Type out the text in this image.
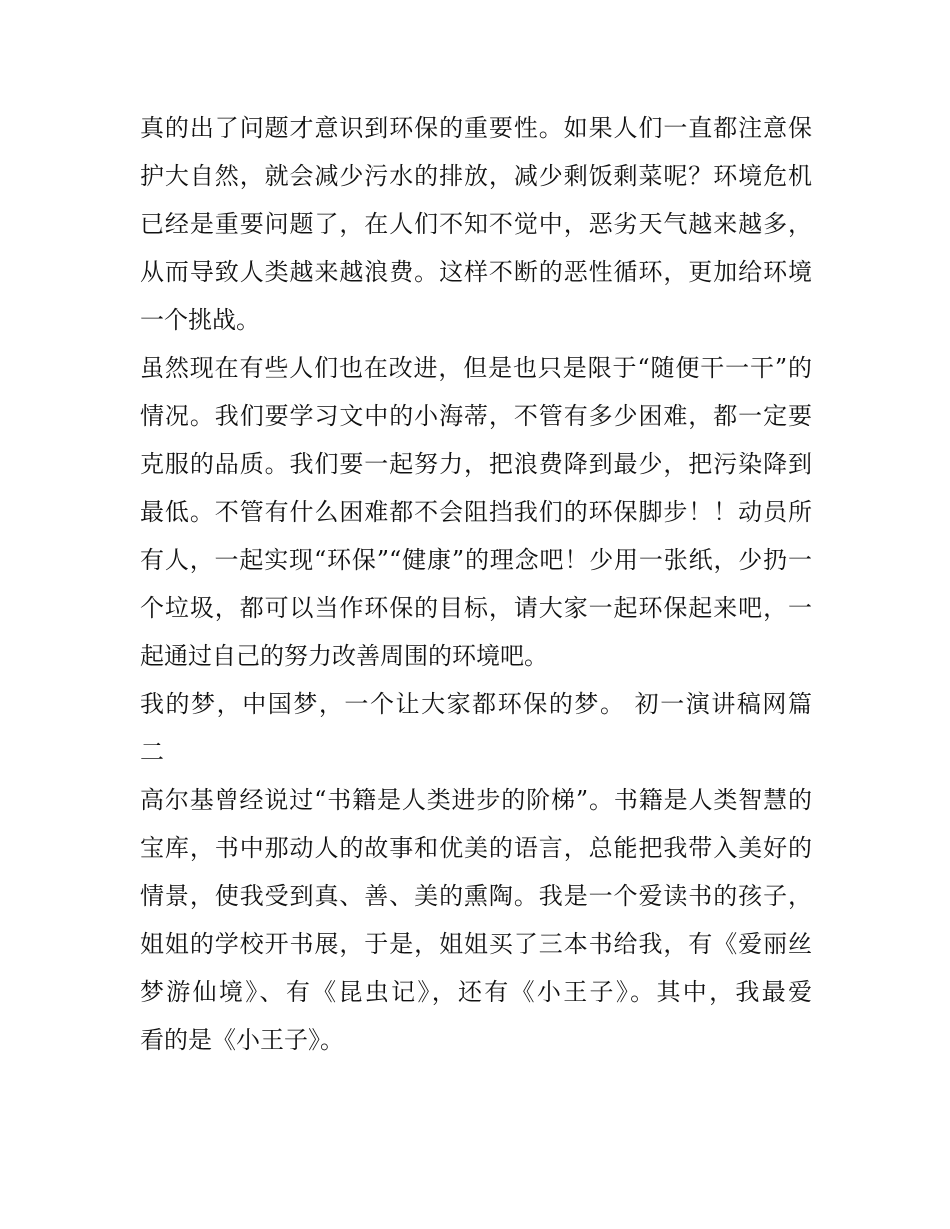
真的出了问题才意识到环保的重要性。如果人们一直都注意保
护大自然，就会减少污水的排放，减少剩饭剩菜呢？环境危机
已经是重要问题了，在人们不知不觉中，恶劣天气越来越多，
从而导致人类越来越浪费。这样不断的恶性循环，更加给环境
一个挑战。
虽然现在有些人们也在改进，但是也只是限于“随便干一干”的
情况。我们要学习文中的小海蒂，不管有多少困难，都一定要
克服的品质。我们要一起努力，把浪费降到最少，把污染降到
最低。不管有什么困难都不会阻挡我们的环保脚步！！动员所
有人，一起实现“环保”“健康”的理念吧！少用一张纸，少扔一
个垃圾，都可以当作环保的目标，请大家一起环保起来吧，一
起通过自己的努力改善周围的环境吧。
我的梦，中国梦，一个让大家都环保的梦。 初一演讲稿网篇
二
高尔基曾经说过“书籍是人类进步的阶梯”。书籍是人类智慧的
宝库，书中那动人的故事和优美的语言，总能把我带入美好的
情景，使我受到真、善、美的熏陶。我是一个爱读书的孩子，
姐姐的学校开书展，于是，姐姐买了三本书给我，有《爱丽丝
梦游仙境》、有《昆虫记》，还有《小王子》。其中，我最爱
看的是《小王子》。
